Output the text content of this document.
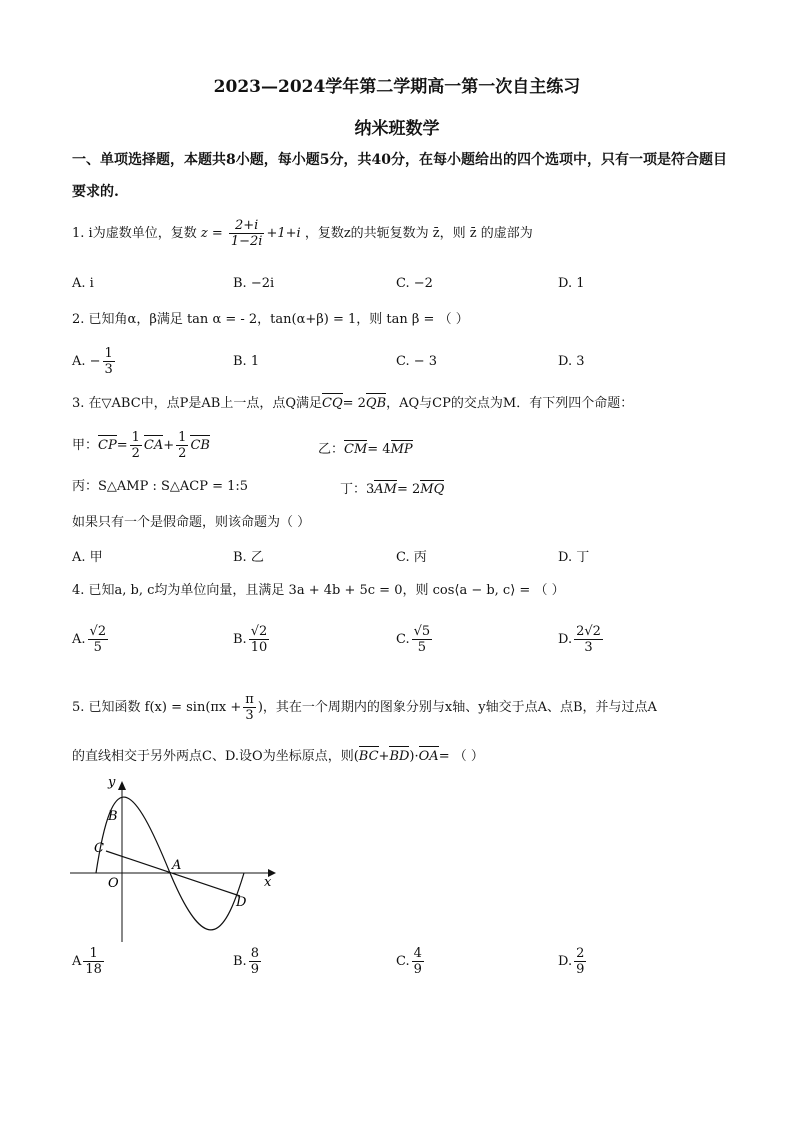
2023—2024学年第二学期高一第一次自主练习
纳米班数学
一、单项选择题，本题共8小题，每小题5分，共40分，在每小题给出的四个选项中，只有一项是符合题目要求的.
1. i为虚数单位，复数 $z = \frac{2+i}{1-2i} +1+i$ ，复数z的共轭复数为 z̄，则 z̄ 的虚部为
A. i	B. −2i	C. −2	D. 1
2. 已知角α，β满足 tan α = - 2，tan(α+β) = 1，则 tan β = （ ）
A. − $\frac{1}{3}$	B. 1	C. − 3	D. 3
3. 在▽ABC中，点P是AB上一点，点Q满足CQ= 2QB，AQ与CP的交点为M．有下列四个命题：
甲：$CP= \frac{1}{2} CA+ \frac{1}{2}$ CB	乙：CM= 4MP
丙：S△AMP : S△ACP = 1:5	丁：3AM= 2MQ
如果只有一个是假命题，则该命题为（ ）
A. 甲	B. 乙	C. 丙	D. 丁
4. 已知a, b, c均为单位向量，且满足 3a + 4b + 5c = 0，则 cos⟨a − b, c⟩ = （ ）
A. $\frac{√2}{5}$	B. $\frac{√2}{10}$	C. $\frac{√5}{5}$	D. $\frac{2√2}{3}$
5. 已知函数 $f(x) = \sin(\pi x + \frac{\pi}{3}$ )，其在一个周期内的图象分别与x轴、y轴交于点A、点B，并与过点A
的直线相交于另外两点C、D.设O为坐标原点，则(BC+BD)·OA= （ ）
y
x
B
C
A
O
D
A $\frac{1}{18}$	B. $\frac{8}{9}$	C. $\frac{4}{9}$	D. $\frac{2}{9}$
